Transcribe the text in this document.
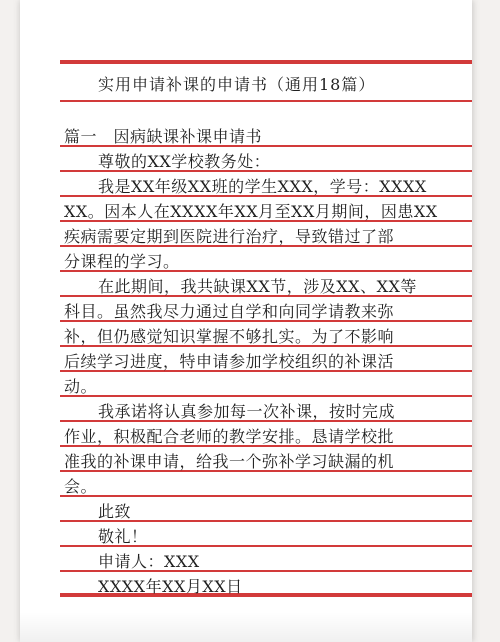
实用申请补课的申请书（通用18篇）
篇一　因病缺课补课申请书
尊敬的XX学校教务处：
我是XX年级XX班的学生XXX，学号：XXXX
XX。因本人在XXXX年XX月至XX月期间，因患XX
疾病需要定期到医院进行治疗，导致错过了部
分课程的学习。
在此期间，我共缺课XX节，涉及XX、XX等
科目。虽然我尽力通过自学和向同学请教来弥
补，但仍感觉知识掌握不够扎实。为了不影响
后续学习进度，特申请参加学校组织的补课活
动。
我承诺将认真参加每一次补课，按时完成
作业，积极配合老师的教学安排。恳请学校批
准我的补课申请，给我一个弥补学习缺漏的机
会。
此致
敬礼！
申请人：XXX
XXXX年XX月XX日
